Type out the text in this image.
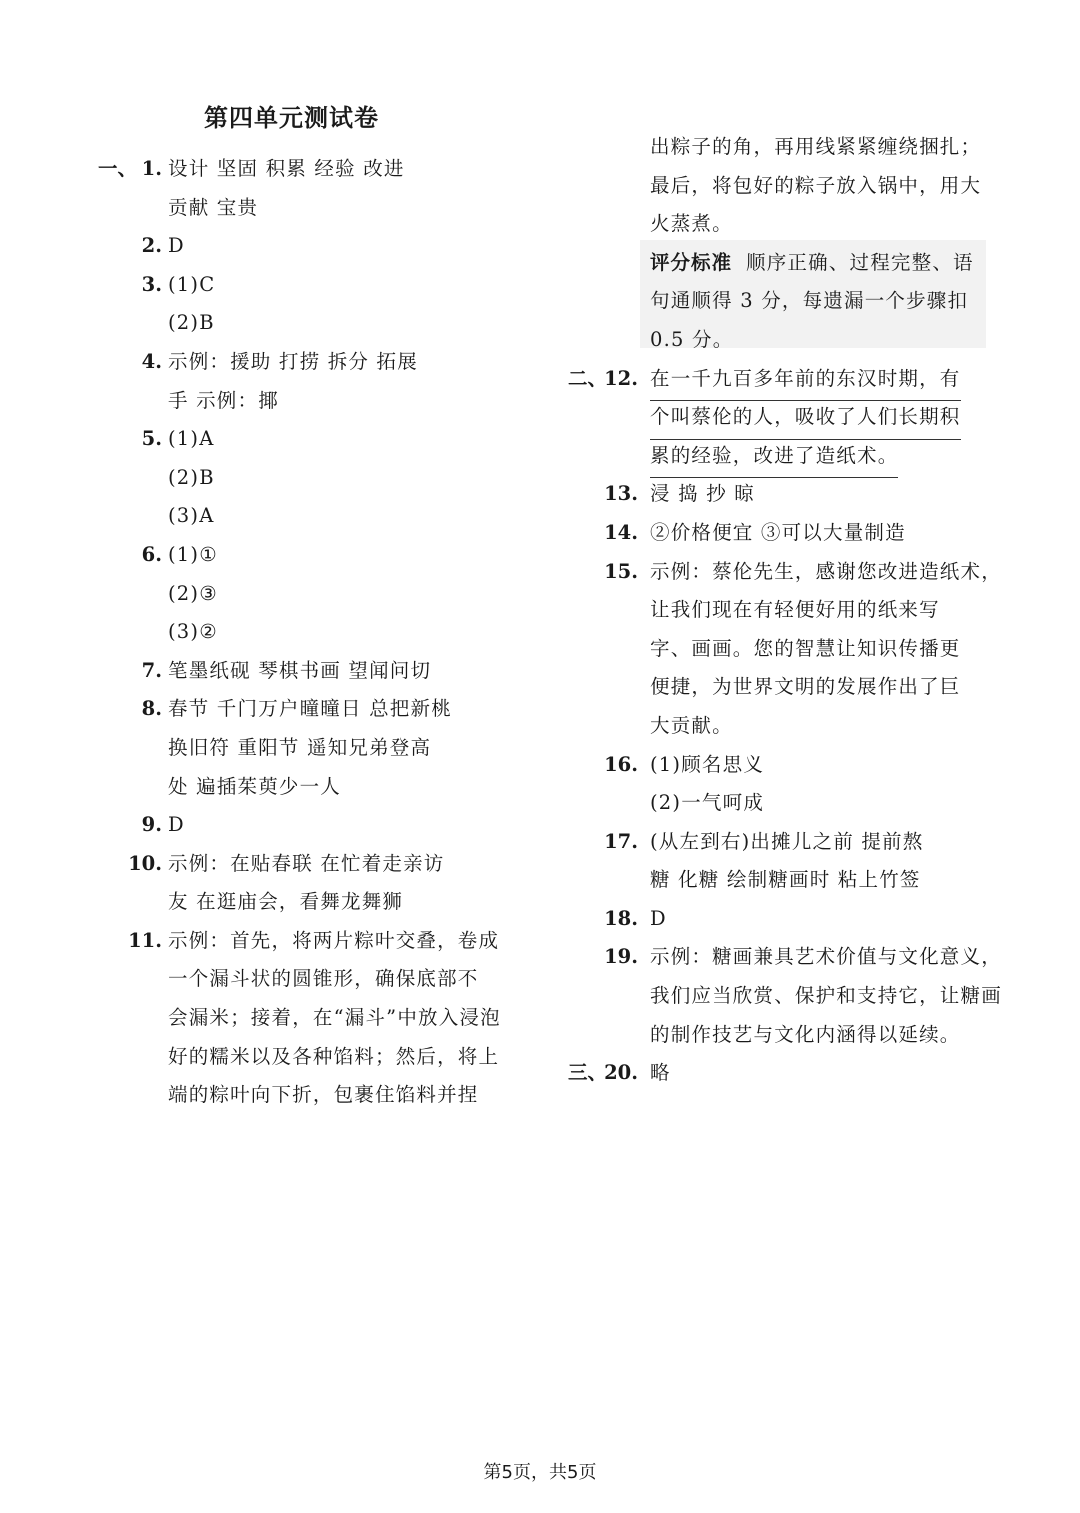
第四单元测试卷
一、 1. 设计 坚固 积累 经验 改进
贡献 宝贵
2. D
3. (1)C
(2)B
4. 示例：援助 打捞 拆分 拓展
手 示例：揶
5. (1)A
(2)B
(3)A
6. (1)①
(2)③
(3)②
7. 笔墨纸砚 琴棋书画 望闻问切
8. 春节 千门万户曈曈日 总把新桃
换旧符 重阳节 遥知兄弟登高
处 遍插茱萸少一人
9. D
10. 示例：在贴春联 在忙着走亲访
友 在逛庙会，看舞龙舞狮
11. 示例：首先，将两片粽叶交叠，卷成
一个漏斗状的圆锥形，确保底部不
会漏米；接着，在“漏斗”中放入浸泡
好的糯米以及各种馅料；然后，将上
端的粽叶向下折，包裹住馅料并捏
出粽子的角，再用线紧紧缠绕捆扎；
最后，将包好的粽子放入锅中，用大
火蒸煮。
评分标准 顺序正确、过程完整、语
句通顺得 3 分，每遗漏一个步骤扣
0.5 分。
二、
12. 在一千九百多年前的东汉时期，有
个叫蔡伦的人，吸收了人们长期积
累的经验，改进了造纸术。
13. 浸 捣 抄 晾
14. ②价格便宜 ③可以大量制造
15. 示例：蔡伦先生，感谢您改进造纸术，
让我们现在有轻便好用的纸来写
字、画画。您的智慧让知识传播更
便捷，为世界文明的发展作出了巨
大贡献。
16. (1)顾名思义
(2)一气呵成
17. (从左到右)出摊儿之前 提前熬
糖 化糖 绘制糖画时 粘上竹签
18. D
19. 示例：糖画兼具艺术价值与文化意义，
我们应当欣赏、保护和支持它，让糖画
的制作技艺与文化内涵得以延续。
三、
20. 略
第5页，共5页
